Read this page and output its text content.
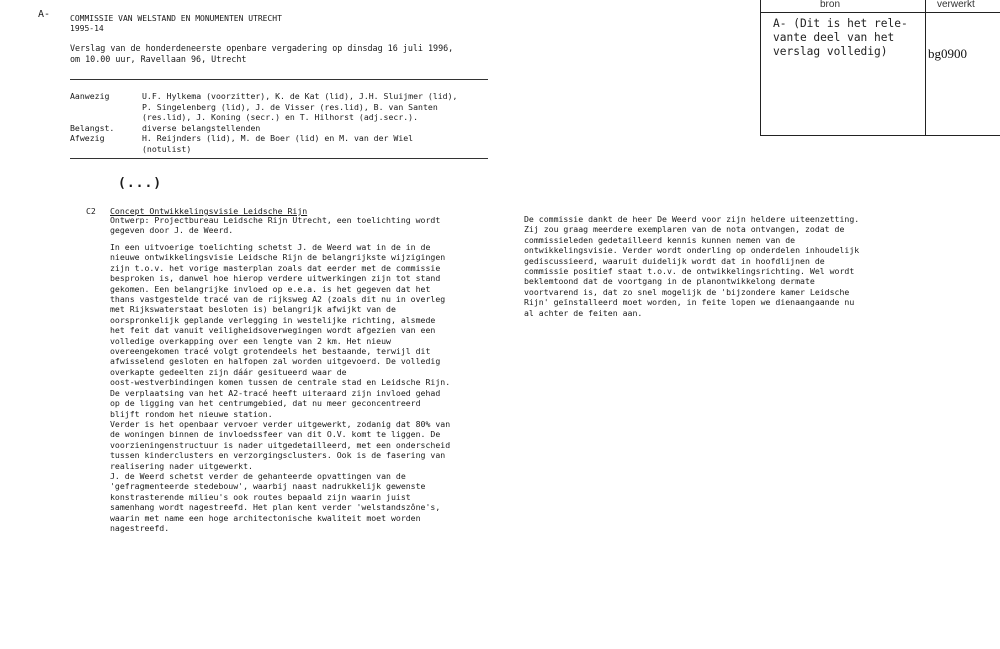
A- COMMISSIE VAN WELSTAND EN MONUMENTEN UTRECHT
1995-14
Verslag van de honderdeneerste openbare vergadering op dinsdag 16 juli 1996,
om 10.00 uur, Ravellaan 96, Utrecht
Aanwezig	U.F. Hylkema (voorzitter), K. de Kat (lid), J.H. Sluijmer (lid),
P. Singelenberg (lid), J. de Visser (res.lid), B. van Santen
(res.lid), J. Koning (secr.) en T. Hilhorst (adj.secr.).
Belangst.	diverse belangstellenden
Afwezig	H. Reijnders (lid), M. de Boer (lid) en M. van der Wiel
(notulist)
(...)
C2 Concept Ontwikkelingsvisie Leidsche Rijn
Ontwerp: Projectbureau Leidsche Rijn Utrecht, een toelichting wordt
gegeven door J. de Weerd.
In een uitvoerige toelichting schetst J. de Weerd wat in de in de
nieuwe ontwikkelingsvisie Leidsche Rijn de belangrijkste wijzigingen
zijn t.o.v. het vorige masterplan zoals dat eerder met de commissie
besproken is, danwel hoe hierop verdere uitwerkingen zijn tot stand
gekomen. Een belangrijke invloed op e.e.a. is het gegeven dat het
thans vastgestelde tracé van de rijksweg A2 (zoals dit nu in overleg
met Rijkswaterstaat besloten is) belangrijk afwijkt van de
oorspronkelijk geplande verlegging in westelijke richting, alsmede
het feit dat vanuit veiligheidsoverwegingen wordt afgezien van een
volledige overkapping over een lengte van 2 km. Het nieuw
overeengekomen tracé volgt grotendeels het bestaande, terwijl dit
afwisselend gesloten en halfopen zal worden uitgevoerd. De volledig
overkapte gedeelten zijn dáár gesitueerd waar de
oost-westverbindingen komen tussen de centrale stad en Leidsche Rijn.
De verplaatsing van het A2-tracé heeft uiteraard zijn invloed gehad
op de ligging van het centrumgebied, dat nu meer geconcentreerd
blijft rondom het nieuwe station.
Verder is het openbaar vervoer verder uitgewerkt, zodanig dat 80% van
de woningen binnen de invloedssfeer van dit O.V. komt te liggen. De
voorzieningenstructuur is nader uitgedetailleerd, met een onderscheid
tussen kinderclusters en verzorgingsclusters. Ook is de fasering van
realisering nader uitgewerkt.
J. de Weerd schetst verder de gehanteerde opvattingen van de
'gefragmenteerde stedebouw', waarbij naast nadrukkelijk gewenste
konstrasterende milieu's ook routes bepaald zijn waarin juist
samenhang wordt nagestreefd. Het plan kent verder 'welstandszône's,
waarin met name een hoge architectonische kwaliteit moet worden
nagestreefd.
De commissie dankt de heer De Weerd voor zijn heldere uiteenzetting.
Zij zou graag meerdere exemplaren van de nota ontvangen, zodat de
commissieleden gedetailleerd kennis kunnen nemen van de
ontwikkelingsvisie. Verder wordt onderling op onderdelen inhoudelijk
gediscussieerd, waaruit duidelijk wordt dat in hoofdlijnen de
commissie positief staat t.o.v. de ontwikkelingsrichting. Wel wordt
beklemtoond dat de voortgang in de planontwikkelong dermate
voortvarend is, dat zo snel mogelijk de 'bijzondere kamer Leidsche
Rijn' geïnstalleerd moet worden, in feite lopen we dienaangaande nu
al achter de feiten aan.
bron	verwerkt
A- (Dit is het rele-
vante deel van het
verslag volledig)	bg0900
